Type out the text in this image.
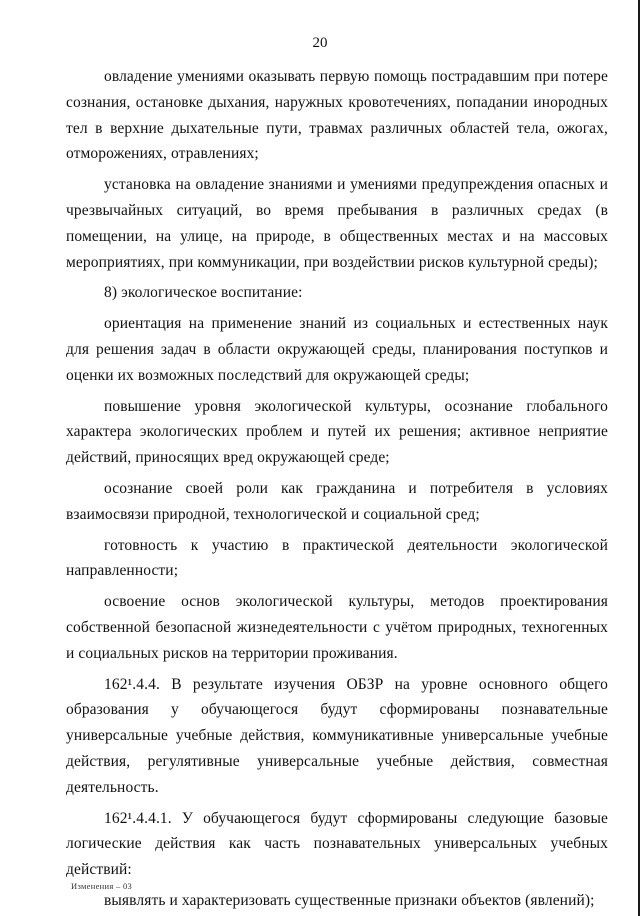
20

овладение умениями оказывать первую помощь пострадавшим при потере сознания, остановке дыхания, наружных кровотечениях, попадании инородных тел в верхние дыхательные пути, травмах различных областей тела, ожогах, отморожениях, отравлениях;

установка на овладение знаниями и умениями предупреждения опасных и чрезвычайных ситуаций, во время пребывания в различных средах (в помещении, на улице, на природе, в общественных местах и на массовых мероприятиях, при коммуникации, при воздействии рисков культурной среды);

8) экологическое воспитание:

ориентация на применение знаний из социальных и естественных наук для решения задач в области окружающей среды, планирования поступков и оценки их возможных последствий для окружающей среды;

повышение уровня экологической культуры, осознание глобального характера экологических проблем и путей их решения; активное неприятие действий, приносящих вред окружающей среде;

осознание своей роли как гражданина и потребителя в условиях взаимосвязи природной, технологической и социальной сред;

готовность к участию в практической деятельности экологической направленности;

освоение основ экологической культуры, методов проектирования собственной безопасной жизнедеятельности с учётом природных, техногенных и социальных рисков на территории проживания.

162¹.4.4. В результате изучения ОБЗР на уровне основного общего образования у обучающегося будут сформированы познавательные универсальные учебные действия, коммуникативные универсальные учебные действия, регулятивные универсальные учебные действия, совместная деятельность.

162¹.4.4.1. У обучающегося будут сформированы следующие базовые логические действия как часть познавательных универсальных учебных действий:

выявлять и характеризовать существенные признаки объектов (явлений);

Изменения – 03
